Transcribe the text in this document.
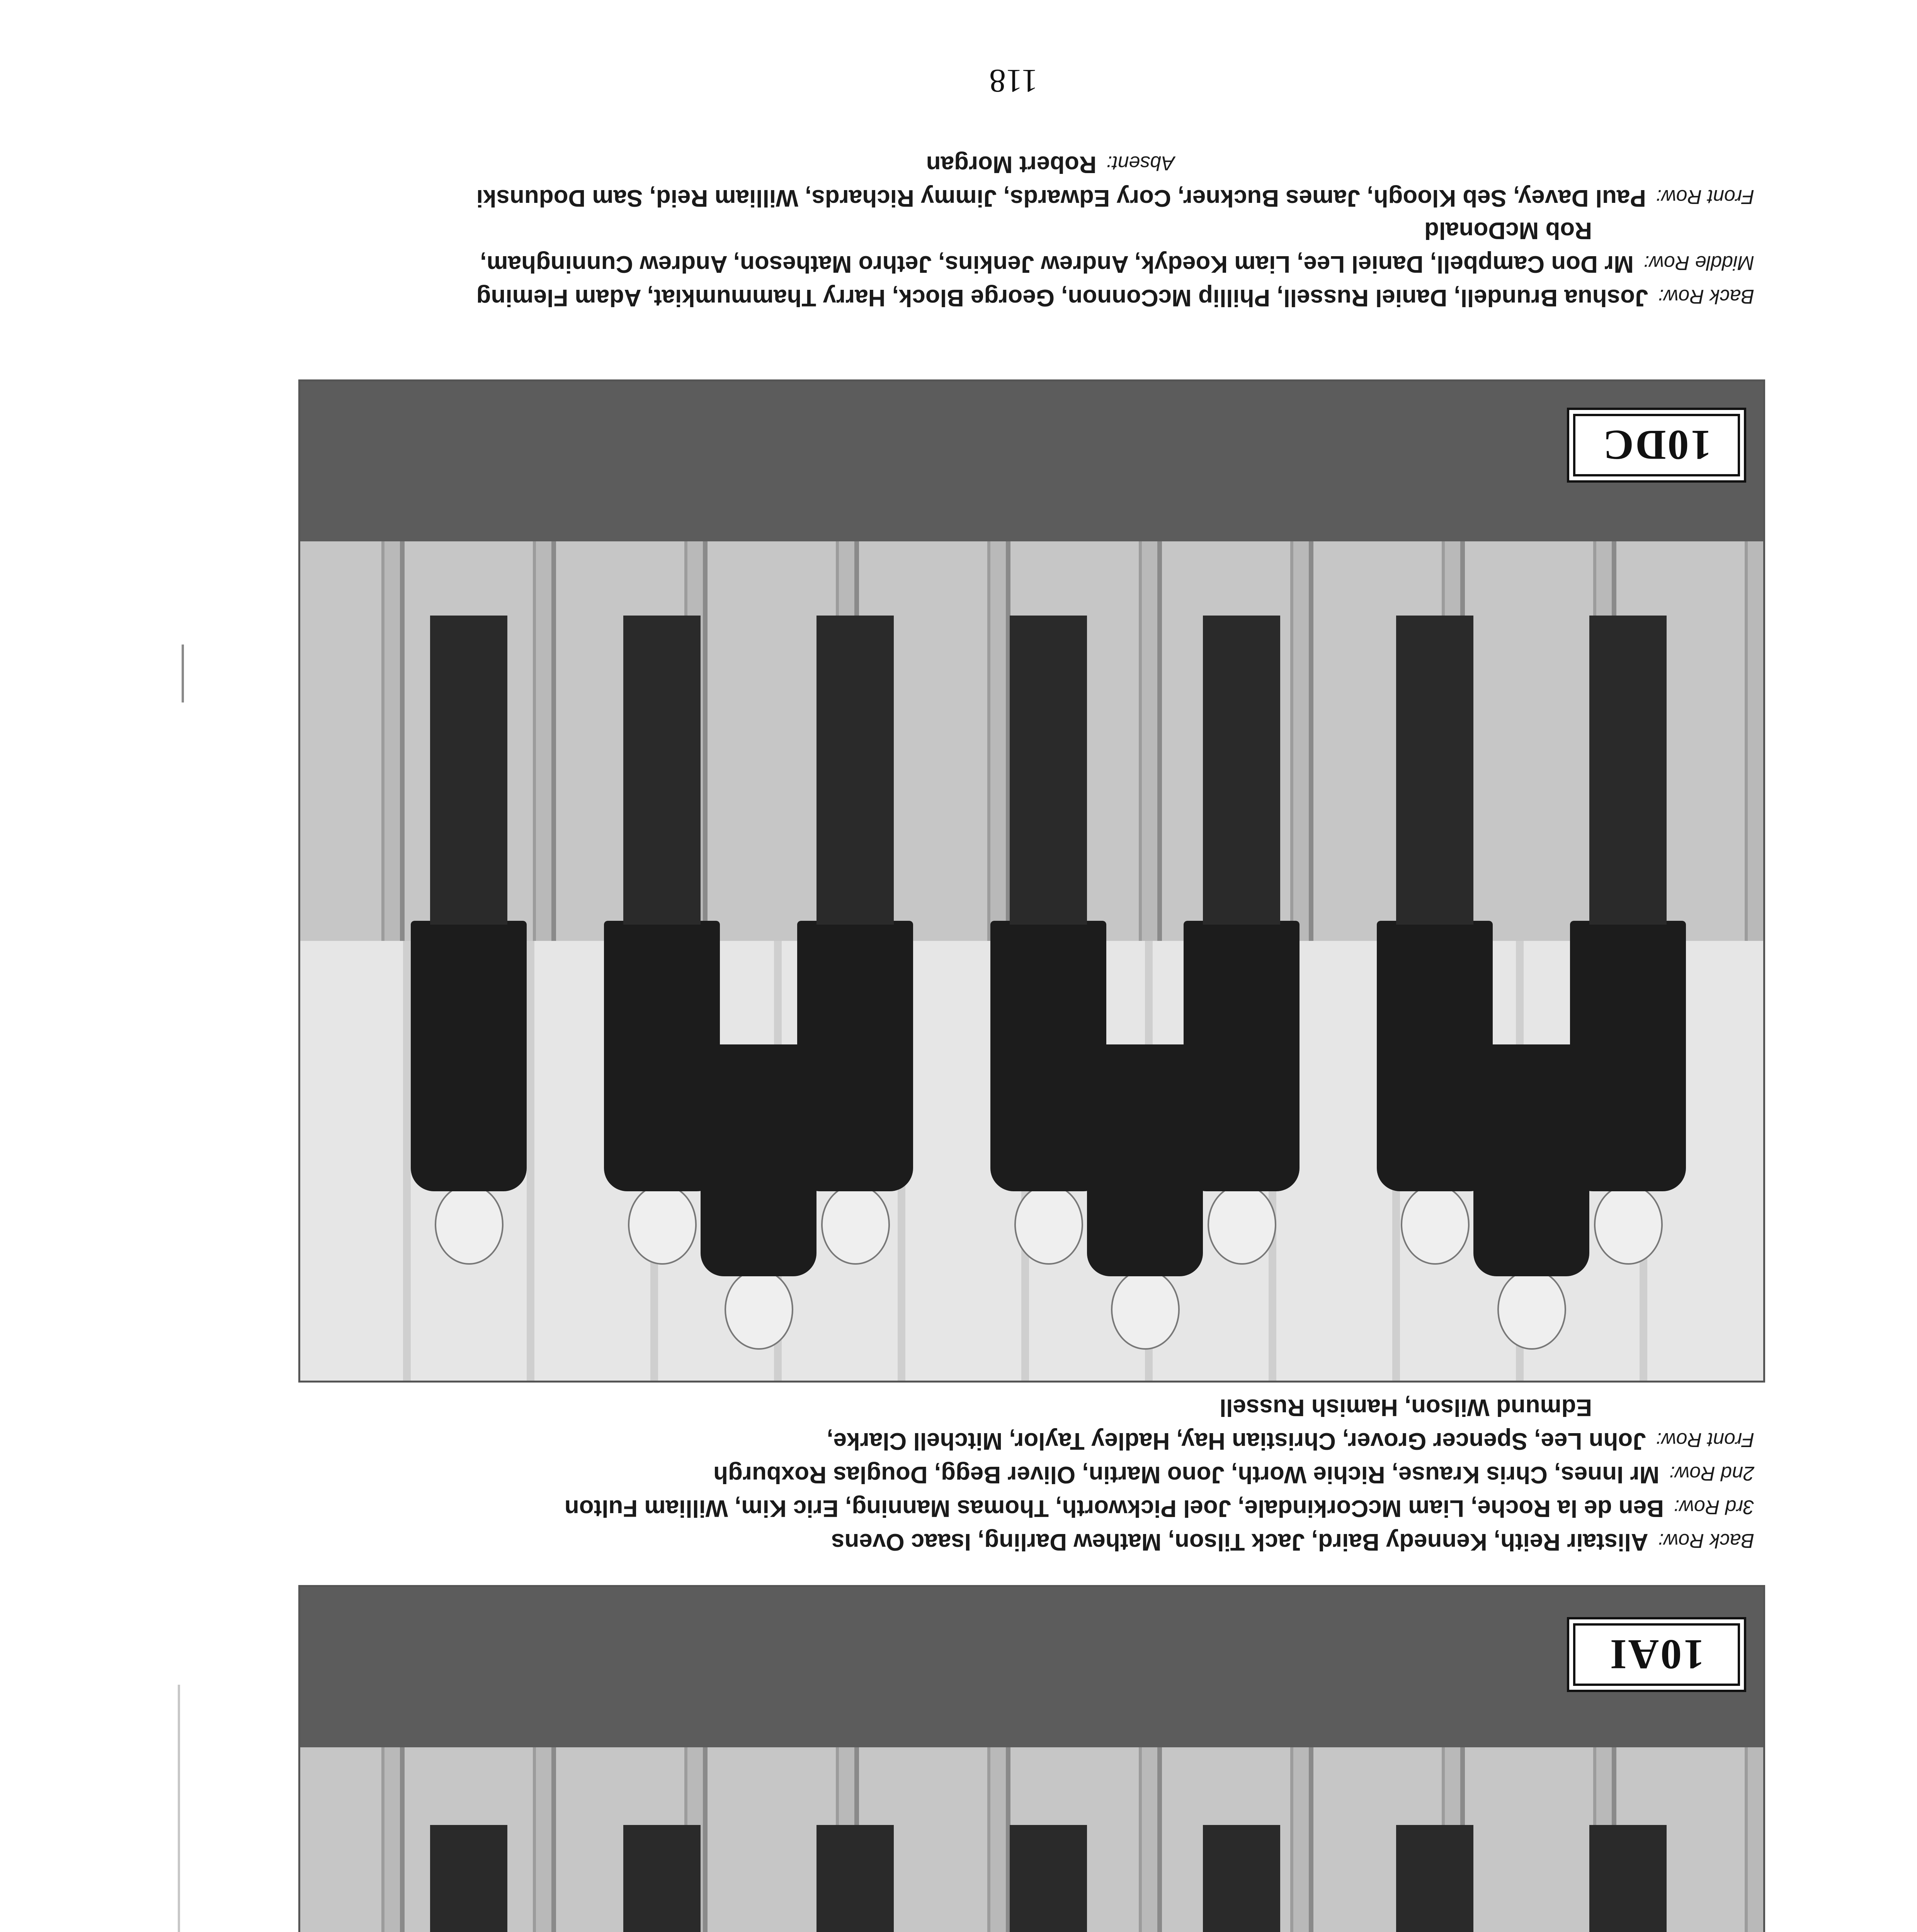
118
Back Row:Joshua Brundell, Daniel Russell, Phillip McConnon, George Block, Harry Thammumkiat, Adam Fleming
Middle Row:Mr Don Campbell, Daniel Lee, Liam Koedyk, Andrew Jenkins, Jethro Matheson, Andrew Cunningham,
Rob McDonald
Front Row:Paul Davey, Seb Kloogh, James Buckner, Cory Edwards, Jimmy Richards, William Reid, Sam Dodunski
Absent:Robert Morgan
10DC
Back Row:Alistair Reith, Kennedy Baird, Jack Tilson, Mathew Darling, Isaac Ovens
3rd Row:Ben de la Roche, Liam McCorkindale, Joel Pickworth, Thomas Manning, Eric Kim, William Fulton
2nd Row:Mr Innes, Chris Krause, Richie Worth, Jono Martin, Oliver Begg, Douglas Roxburgh
Front Row:John Lee, Spencer Grover, Christian Hay, Hadley Taylor, Mitchell Clarke,
Edmund Wilson, Hamish Russell
10AI
